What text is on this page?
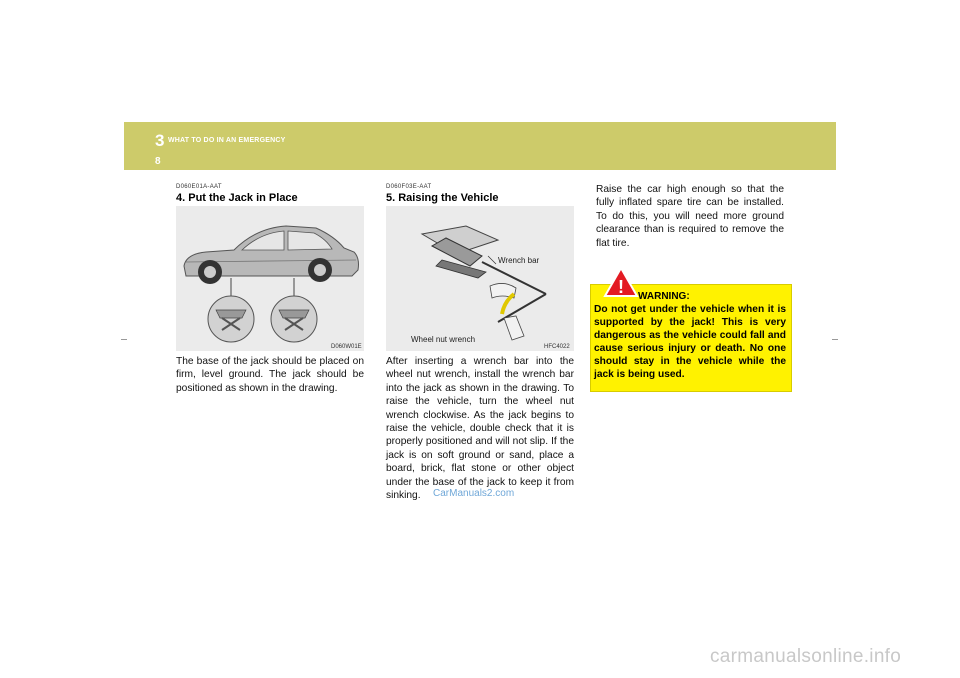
3 WHAT TO DO IN AN EMERGENCY
8
D060E01A-AAT
4. Put the Jack in Place
D060W01E
The base of the jack should be placed on firm, level ground. The jack should be positioned as shown in the drawing.
D060F03E-AAT
5. Raising the Vehicle
Wrench bar
Wheel nut wrench
HFC4022
After inserting a wrench bar into the wheel nut wrench, install the wrench bar into the jack as shown in the drawing. To raise the vehicle, turn the wheel nut wrench clockwise. As the jack begins to raise the vehicle, double check that it is properly positioned and will not slip. If the jack is on soft ground or sand, place a board, brick, flat stone or other object under the base of the jack to keep it from sinking.
Raise the car high enough so that the fully inflated spare tire can be installed. To do this, you will need more ground clearance than is required to remove the flat tire.
! WARNING:
Do not get under the vehicle when it is supported by the jack! This is very dangerous as the vehicle could fall and cause serious injury or death. No one should stay in the vehicle while the jack is being used.
CarManuals2.com
carmanualsonline.info
